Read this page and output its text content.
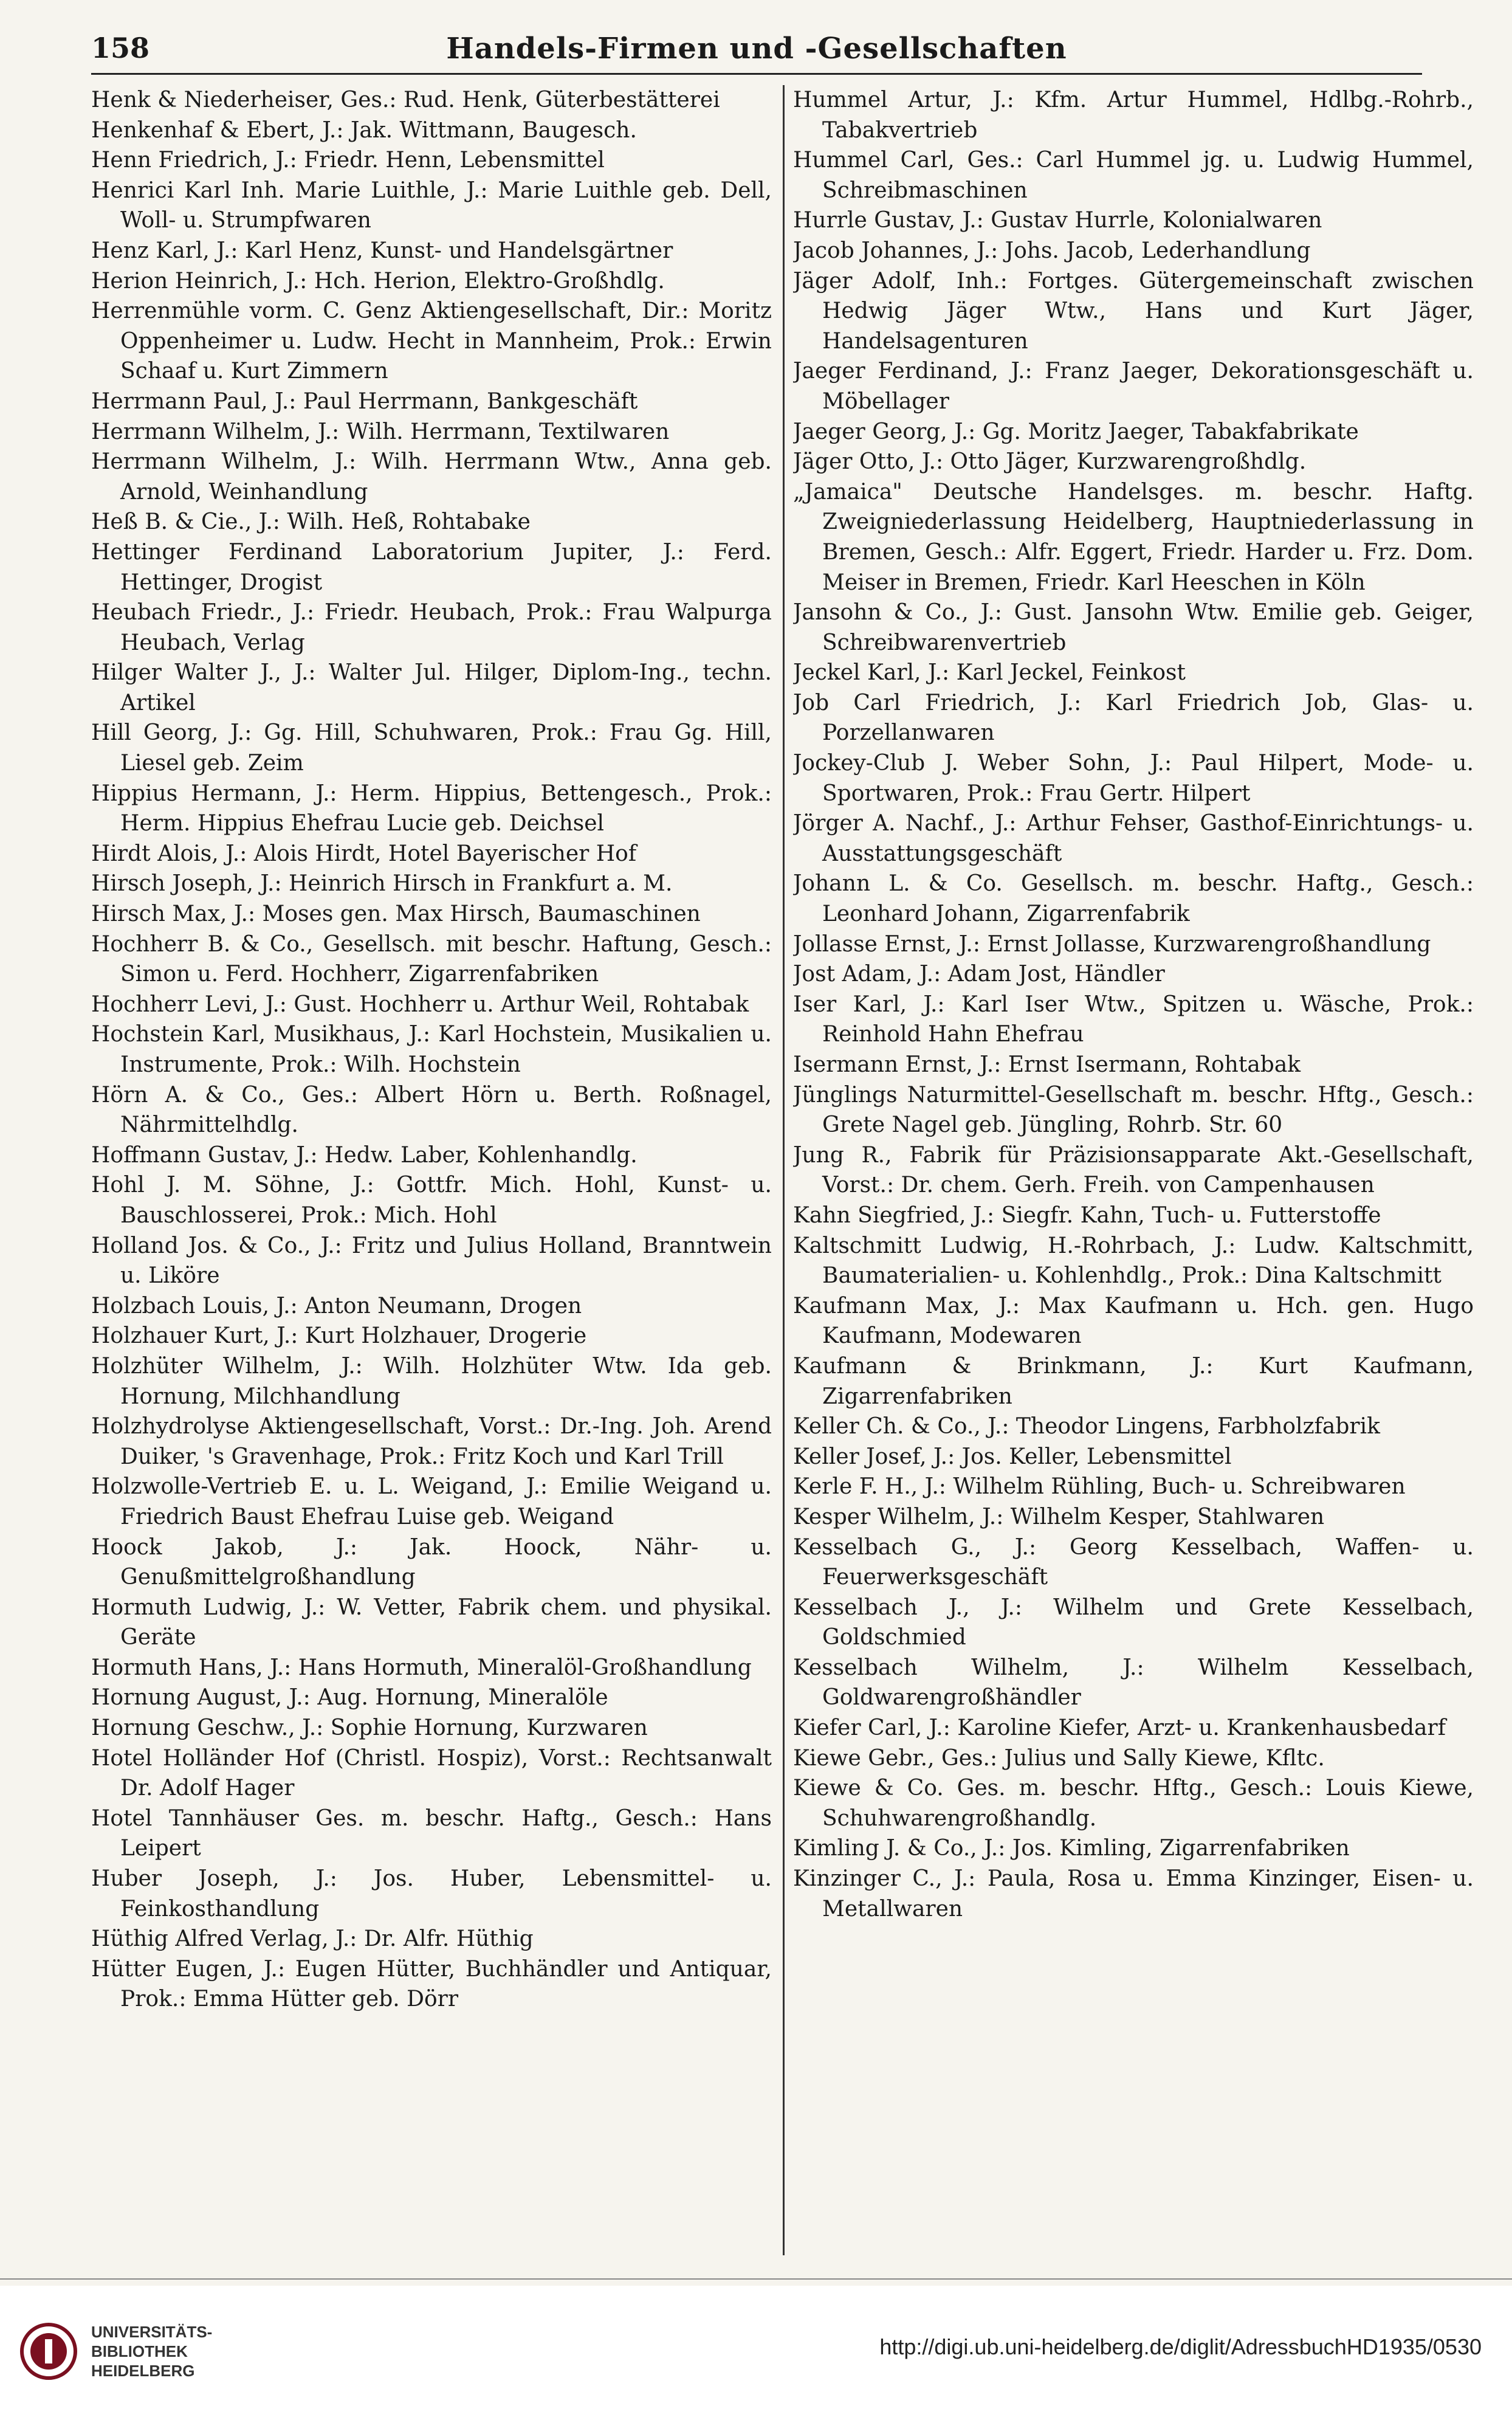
158	Handels-Firmen und -Gesellschaften
Henk & Niederheiser, Ges.: Rud. Henk, Güterbestätterei
Henkenhaf & Ebert, J.: Jak. Wittmann, Baugesch.
Henn Friedrich, J.: Friedr. Henn, Lebensmittel
Henrici Karl Inh. Marie Luithle, J.: Marie Luithle geb. Dell, Woll- u. Strumpfwaren
Henz Karl, J.: Karl Henz, Kunst- und Handelsgärtner
Herion Heinrich, J.: Hch. Herion, Elektro-Großhdlg.
Herrenmühle vorm. C. Genz Aktiengesellschaft, Dir.: Moritz Oppenheimer u. Ludw. Hecht in Mannheim, Prok.: Erwin Schaaf u. Kurt Zimmern
Herrmann Paul, J.: Paul Herrmann, Bankgeschäft
Herrmann Wilhelm, J.: Wilh. Herrmann, Textilwaren
Herrmann Wilhelm, J.: Wilh. Herrmann Wtw., Anna geb. Arnold, Weinhandlung
Heß B. & Cie., J.: Wilh. Heß, Rohtabake
Hettinger Ferdinand Laboratorium Jupiter, J.: Ferd. Hettinger, Drogist
Heubach Friedr., J.: Friedr. Heubach, Prok.: Frau Walpurga Heubach, Verlag
Hilger Walter J., J.: Walter Jul. Hilger, Diplom-Ing., techn. Artikel
Hill Georg, J.: Gg. Hill, Schuhwaren, Prok.: Frau Gg. Hill, Liesel geb. Zeim
Hippius Hermann, J.: Herm. Hippius, Bettengesch., Prok.: Herm. Hippius Ehefrau Lucie geb. Deichsel
Hirdt Alois, J.: Alois Hirdt, Hotel Bayerischer Hof
Hirsch Joseph, J.: Heinrich Hirsch in Frankfurt a. M.
Hirsch Max, J.: Moses gen. Max Hirsch, Baumaschinen
Hochherr B. & Co., Gesellsch. mit beschr. Haftung, Gesch.: Simon u. Ferd. Hochherr, Zigarrenfabriken
Hochherr Levi, J.: Gust. Hochherr u. Arthur Weil, Rohtabak
Hochstein Karl, Musikhaus, J.: Karl Hochstein, Musikalien u. Instrumente, Prok.: Wilh. Hochstein
Hörn A. & Co., Ges.: Albert Hörn u. Berth. Roßnagel, Nährmittelhdlg.
Hoffmann Gustav, J.: Hedw. Laber, Kohlenhandlg.
Hohl J. M. Söhne, J.: Gottfr. Mich. Hohl, Kunst- u. Bauschlosserei, Prok.: Mich. Hohl
Holland Jos. & Co., J.: Fritz und Julius Holland, Branntwein u. Liköre
Holzbach Louis, J.: Anton Neumann, Drogen
Holzhauer Kurt, J.: Kurt Holzhauer, Drogerie
Holzhüter Wilhelm, J.: Wilh. Holzhüter Wtw. Ida geb. Hornung, Milchhandlung
Holzhydrolyse Aktiengesellschaft, Vorst.: Dr.-Ing. Joh. Arend Duiker, 's Gravenhage, Prok.: Fritz Koch und Karl Trill
Holzwolle-Vertrieb E. u. L. Weigand, J.: Emilie Weigand u. Friedrich Baust Ehefrau Luise geb. Weigand
Hoock Jakob, J.: Jak. Hoock, Nähr- u. Genußmittelgroßhandlung
Hormuth Ludwig, J.: W. Vetter, Fabrik chem. und physikal. Geräte
Hormuth Hans, J.: Hans Hormuth, Mineralöl-Großhandlung
Hornung August, J.: Aug. Hornung, Mineralöle
Hornung Geschw., J.: Sophie Hornung, Kurzwaren
Hotel Holländer Hof (Christl. Hospiz), Vorst.: Rechtsanwalt Dr. Adolf Hager
Hotel Tannhäuser Ges. m. beschr. Haftg., Gesch.: Hans Leipert
Huber Joseph, J.: Jos. Huber, Lebensmittel- u. Feinkosthandlung
Hüthig Alfred Verlag, J.: Dr. Alfr. Hüthig
Hütter Eugen, J.: Eugen Hütter, Buchhändler und Antiquar, Prok.: Emma Hütter geb. Dörr
Hummel Artur, J.: Kfm. Artur Hummel, Hdlbg.-Rohrb., Tabakvertrieb
Hummel Carl, Ges.: Carl Hummel jg. u. Ludwig Hummel, Schreibmaschinen
Hurrle Gustav, J.: Gustav Hurrle, Kolonialwaren
Jacob Johannes, J.: Johs. Jacob, Lederhandlung
Jäger Adolf, Inh.: Fortges. Gütergemeinschaft zwischen Hedwig Jäger Wtw., Hans und Kurt Jäger, Handelsagenturen
Jaeger Ferdinand, J.: Franz Jaeger, Dekorationsgeschäft u. Möbellager
Jaeger Georg, J.: Gg. Moritz Jaeger, Tabakfabrikate
Jäger Otto, J.: Otto Jäger, Kurzwarengroßhdlg.
„Jamaica" Deutsche Handelsges. m. beschr. Haftg. Zweigniederlassung Heidelberg, Hauptniederlassung in Bremen, Gesch.: Alfr. Eggert, Friedr. Harder u. Frz. Dom. Meiser in Bremen, Friedr. Karl Heeschen in Köln
Jansohn & Co., J.: Gust. Jansohn Wtw. Emilie geb. Geiger, Schreibwarenvertrieb
Jeckel Karl, J.: Karl Jeckel, Feinkost
Job Carl Friedrich, J.: Karl Friedrich Job, Glas- u. Porzellanwaren
Jockey-Club J. Weber Sohn, J.: Paul Hilpert, Mode- u. Sportwaren, Prok.: Frau Gertr. Hilpert
Jörger A. Nachf., J.: Arthur Fehser, Gasthof-Einrichtungs- u. Ausstattungsgeschäft
Johann L. & Co. Gesellsch. m. beschr. Haftg., Gesch.: Leonhard Johann, Zigarrenfabrik
Jollasse Ernst, J.: Ernst Jollasse, Kurzwarengroßhandlung
Jost Adam, J.: Adam Jost, Händler
Iser Karl, J.: Karl Iser Wtw., Spitzen u. Wäsche, Prok.: Reinhold Hahn Ehefrau
Isermann Ernst, J.: Ernst Isermann, Rohtabak
Jünglings Naturmittel-Gesellschaft m. beschr. Hftg., Gesch.: Grete Nagel geb. Jüngling, Rohrb. Str. 60
Jung R., Fabrik für Präzisionsapparate Akt.-Gesellschaft, Vorst.: Dr. chem. Gerh. Freih. von Campenhausen
Kahn Siegfried, J.: Siegfr. Kahn, Tuch- u. Futterstoffe
Kaltschmitt Ludwig, H.-Rohrbach, J.: Ludw. Kaltschmitt, Baumaterialien- u. Kohlenhdlg., Prok.: Dina Kaltschmitt
Kaufmann Max, J.: Max Kaufmann u. Hch. gen. Hugo Kaufmann, Modewaren
Kaufmann & Brinkmann, J.: Kurt Kaufmann, Zigarrenfabriken
Keller Ch. & Co., J.: Theodor Lingens, Farbholzfabrik
Keller Josef, J.: Jos. Keller, Lebensmittel
Kerle F. H., J.: Wilhelm Rühling, Buch- u. Schreibwaren
Kesper Wilhelm, J.: Wilhelm Kesper, Stahlwaren
Kesselbach G., J.: Georg Kesselbach, Waffen- u. Feuerwerksgeschäft
Kesselbach J., J.: Wilhelm und Grete Kesselbach, Goldschmied
Kesselbach Wilhelm, J.: Wilhelm Kesselbach, Goldwarengroßhändler
Kiefer Carl, J.: Karoline Kiefer, Arzt- u. Krankenhausbedarf
Kiewe Gebr., Ges.: Julius und Sally Kiewe, Kfltc.
Kiewe & Co. Ges. m. beschr. Hftg., Gesch.: Louis Kiewe, Schuhwarengroßhandlg.
Kimling J. & Co., J.: Jos. Kimling, Zigarrenfabriken
Kinzinger C., J.: Paula, Rosa u. Emma Kinzinger, Eisen- u. Metallwaren
UNIVERSITÄTS-
BIBLIOTHEK
HEIDELBERG
http://digi.ub.uni-heidelberg.de/diglit/AdressbuchHD1935/0530
